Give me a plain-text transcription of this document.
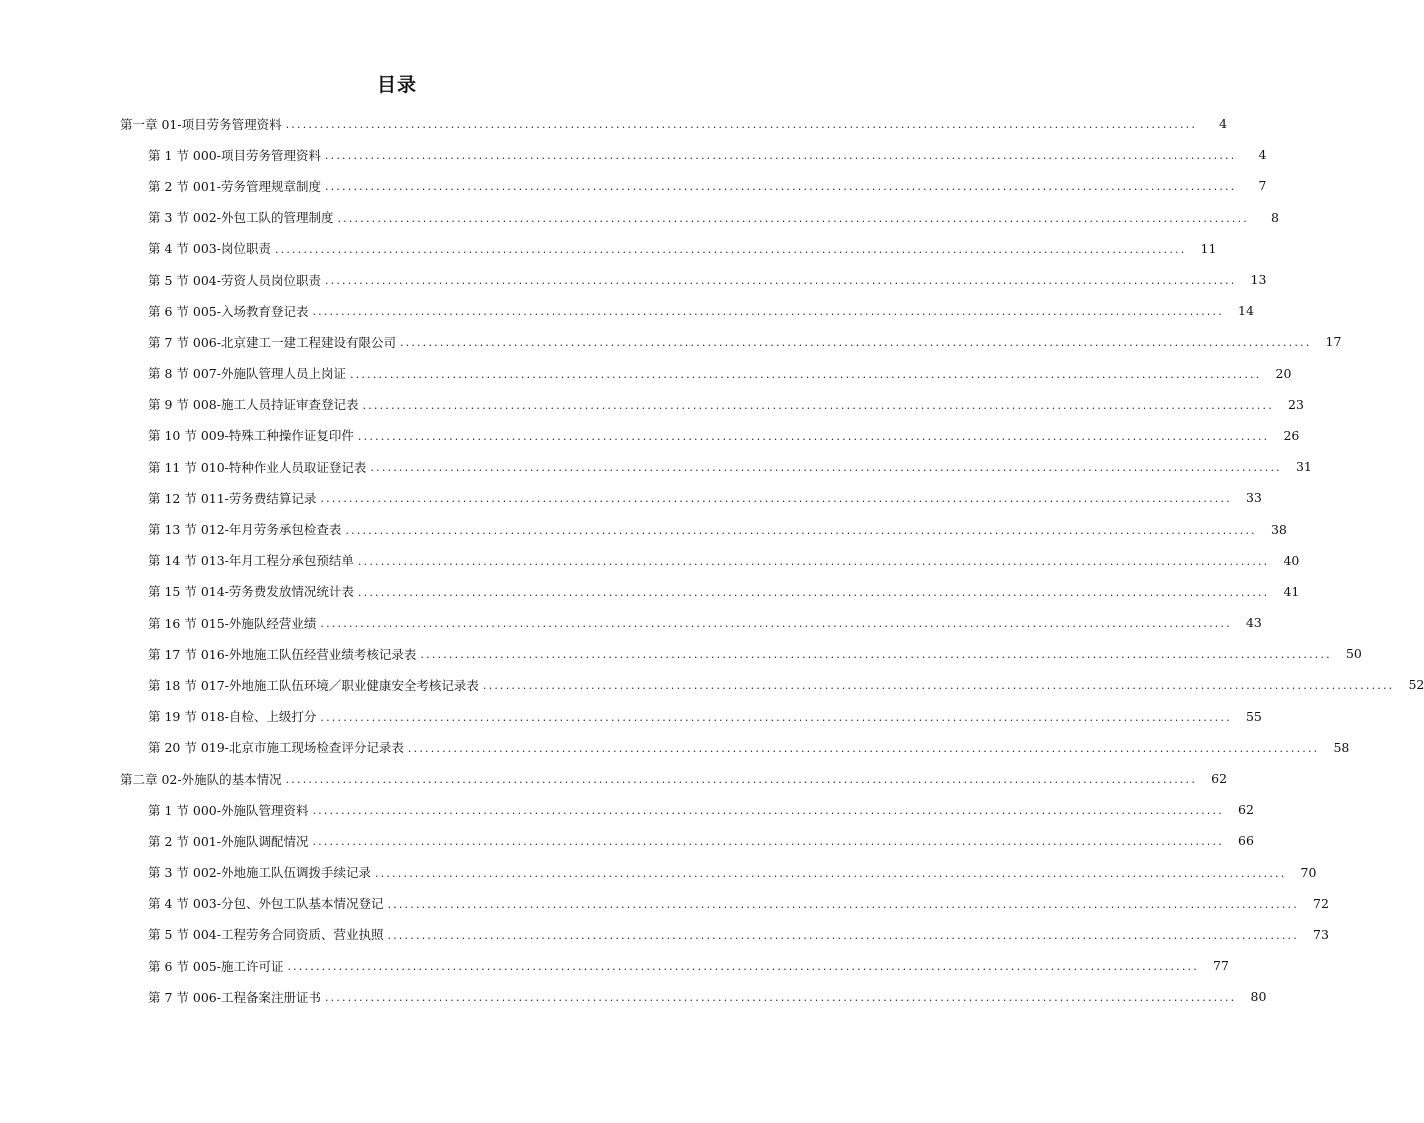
目录
第一章 01-项目劳务管理资料 ................................................................................................................................................................	4
第 1 节 000-项目劳务管理资料 ................................................................................................................................................................	4
第 2 节 001-劳务管理规章制度 ................................................................................................................................................................	7
第 3 节 002-外包工队的管理制度 ................................................................................................................................................................	8
第 4 节 003-岗位职责 ................................................................................................................................................................	11
第 5 节 004-劳资人员岗位职责 ................................................................................................................................................................	13
第 6 节 005-入场教育登记表 ................................................................................................................................................................	14
第 7 节 006-北京建工一建工程建设有限公司 ................................................................................................................................................................	17
第 8 节 007-外施队管理人员上岗证 ................................................................................................................................................................	20
第 9 节 008-施工人员持证审查登记表 ................................................................................................................................................................	23
第 10 节 009-特殊工种操作证复印件 ................................................................................................................................................................	26
第 11 节 010-特种作业人员取证登记表 ................................................................................................................................................................	31
第 12 节 011-劳务费结算记录 ................................................................................................................................................................	33
第 13 节 012-年月劳务承包检查表 ................................................................................................................................................................	38
第 14 节 013-年月工程分承包预结单 ................................................................................................................................................................	40
第 15 节 014-劳务费发放情况统计表 ................................................................................................................................................................	41
第 16 节 015-外施队经营业绩 ................................................................................................................................................................	43
第 17 节 016-外地施工队伍经营业绩考核记录表 ................................................................................................................................................................	50
第 18 节 017-外地施工队伍环境／职业健康安全考核记录表 ................................................................................................................................................................	52
第 19 节 018-自检、上级打分 ................................................................................................................................................................	55
第 20 节 019-北京市施工现场检查评分记录表 ................................................................................................................................................................	58
第二章 02-外施队的基本情况 ................................................................................................................................................................	62
第 1 节 000-外施队管理资料 ................................................................................................................................................................	62
第 2 节 001-外施队调配情况 ................................................................................................................................................................	66
第 3 节 002-外地施工队伍调拨手续记录 ................................................................................................................................................................	70
第 4 节 003-分包、外包工队基本情况登记 ................................................................................................................................................................	72
第 5 节 004-工程劳务合同资质、营业执照 ................................................................................................................................................................	73
第 6 节 005-施工许可证 ................................................................................................................................................................	77
第 7 节 006-工程备案注册证书 ................................................................................................................................................................	80
